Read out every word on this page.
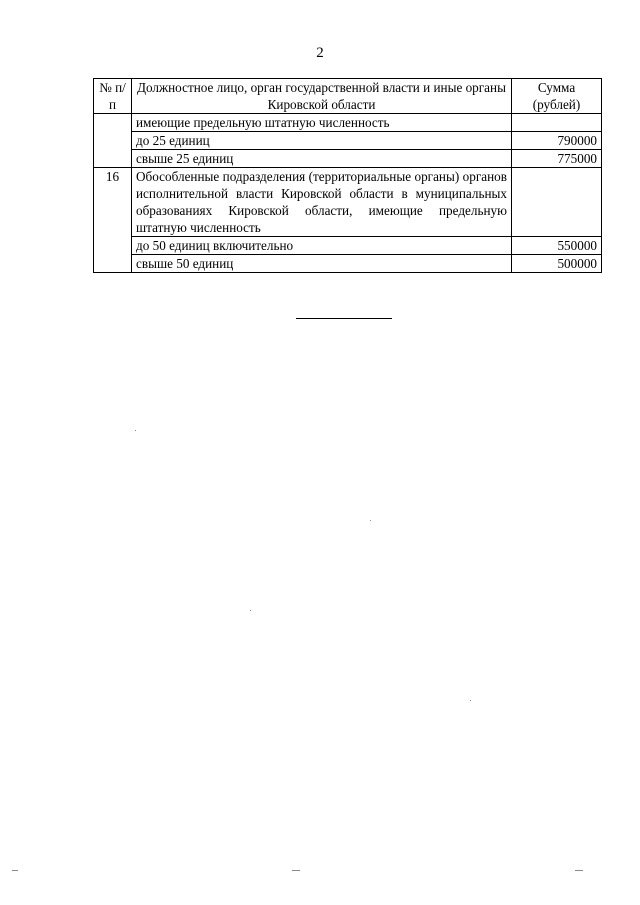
2
№ п/п	Должностное лицо, орган государственной власти и иные органы Кировской области	Сумма (рублей)
	имеющие предельную штатную численность	
	до 25 единиц	790000
	свыше 25 единиц	775000
16	Обособленные подразделения (территориальные органы) органов исполнительной власти Кировской области в муниципальных образованиях Кировской области, имеющие предельную штатную численность	
	до 50 единиц включительно	550000
	свыше 50 единиц	500000
